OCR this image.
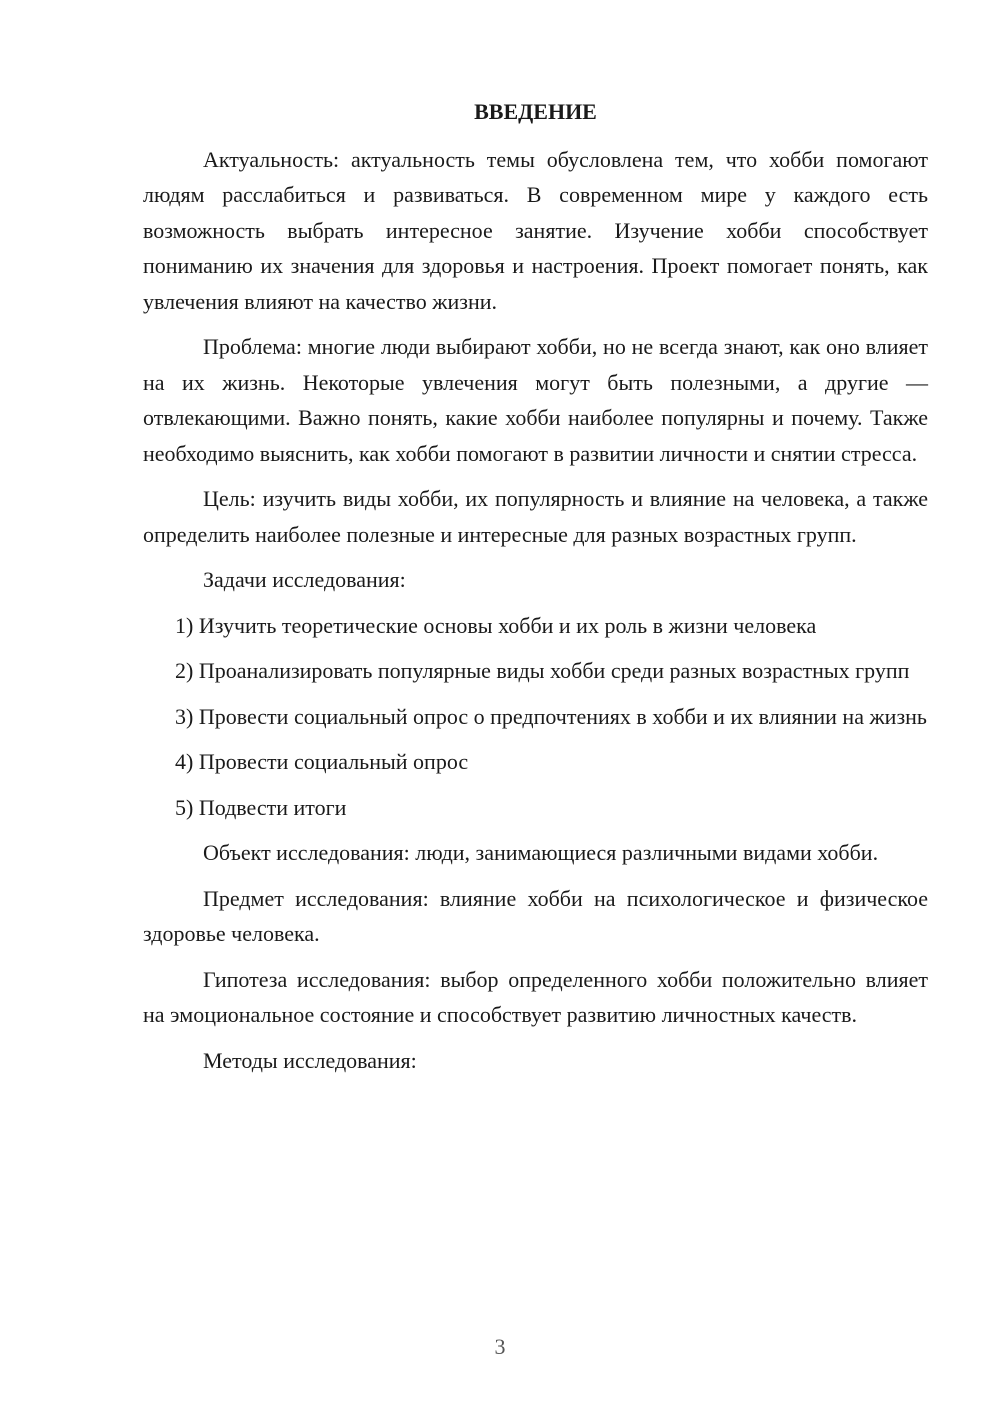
ВВЕДЕНИЕ

Актуальность: актуальность темы обусловлена тем, что хобби помогают людям расслабиться и развиваться. В современном мире у каждого есть возможность выбрать интересное занятие. Изучение хобби способствует пониманию их значения для здоровья и настроения. Проект помогает понять, как увлечения влияют на качество жизни.

Проблема: многие люди выбирают хобби, но не всегда знают, как оно влияет на их жизнь. Некоторые увлечения могут быть полезными, а другие — отвлекающими. Важно понять, какие хобби наиболее популярны и почему. Также необходимо выяснить, как хобби помогают в развитии личности и снятии стресса.

Цель: изучить виды хобби, их популярность и влияние на человека, а также определить наиболее полезные и интересные для разных возрастных групп.

Задачи исследования:

1) Изучить теоретические основы хобби и их роль в жизни человека

2) Проанализировать популярные виды хобби среди разных возрастных групп

3) Провести социальный опрос о предпочтениях в хобби и их влиянии на жизнь

4) Провести социальный опрос

5) Подвести итоги

Объект исследования: люди, занимающиеся различными видами хобби.

Предмет исследования: влияние хобби на психологическое и физическое здоровье человека.

Гипотеза исследования: выбор определенного хобби положительно влияет на эмоциональное состояние и способствует развитию личностных качеств.

Методы исследования:

3
